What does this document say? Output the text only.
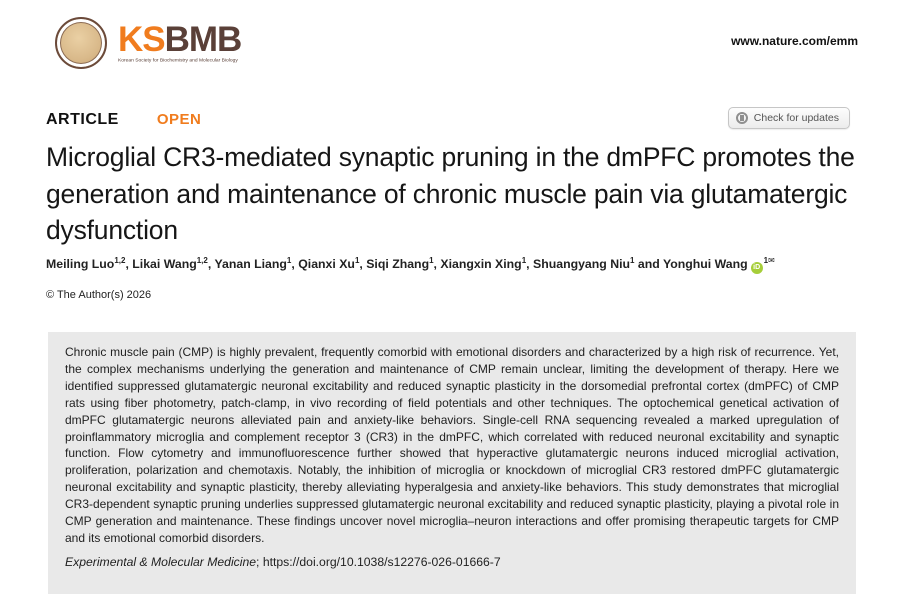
KSBMB
Korean Society for Biochemistry and Molecular Biology
www.nature.com/emm
ARTICLE	OPEN	Check for updates
Microglial CR3-mediated synaptic pruning in the dmPFC promotes the generation and maintenance of chronic muscle pain via glutamatergic dysfunction
Meiling Luo$^{1,2}$, Likai Wang$^{1,2}$, Yanan Liang$^1$, Qianxi Xu$^1$, Siqi Zhang$^1$, Xiangxin Xing$^1$, Shuangyang Niu$^1$ and Yonghui Wang $iD^{1✉}$
© The Author(s) 2026
Chronic muscle pain (CMP) is highly prevalent, frequently comorbid with emotional disorders and characterized by a high risk of recurrence. Yet, the complex mechanisms underlying the generation and maintenance of CMP remain unclear, limiting the development of therapy. Here we identified suppressed glutamatergic neuronal excitability and reduced synaptic plasticity in the dorsomedial prefrontal cortex (dmPFC) of CMP rats using fiber photometry, patch-clamp, in vivo recording of field potentials and other techniques. The optochemical genetical activation of dmPFC glutamatergic neurons alleviated pain and anxiety-like behaviors. Single-cell RNA sequencing revealed a marked upregulation of proinflammatory microglia and complement receptor 3 (CR3) in the dmPFC, which correlated with reduced neuronal excitability and synaptic function. Flow cytometry and immunofluorescence further showed that hyperactive glutamatergic neurons induced microglial activation, proliferation, polarization and chemotaxis. Notably, the inhibition of microglia or knockdown of microglial CR3 restored dmPFC glutamatergic neuronal excitability and synaptic plasticity, thereby alleviating hyperalgesia and anxiety-like behaviors. This study demonstrates that microglial CR3-dependent synaptic pruning underlies suppressed glutamatergic neuronal excitability and reduced synaptic plasticity, playing a pivotal role in CMP generation and maintenance. These findings uncover novel microglia–neuron interactions and offer promising therapeutic targets for CMP and its emotional comorbid disorders.
Experimental & Molecular Medicine; https://doi.org/10.1038/s12276-026-01666-7
